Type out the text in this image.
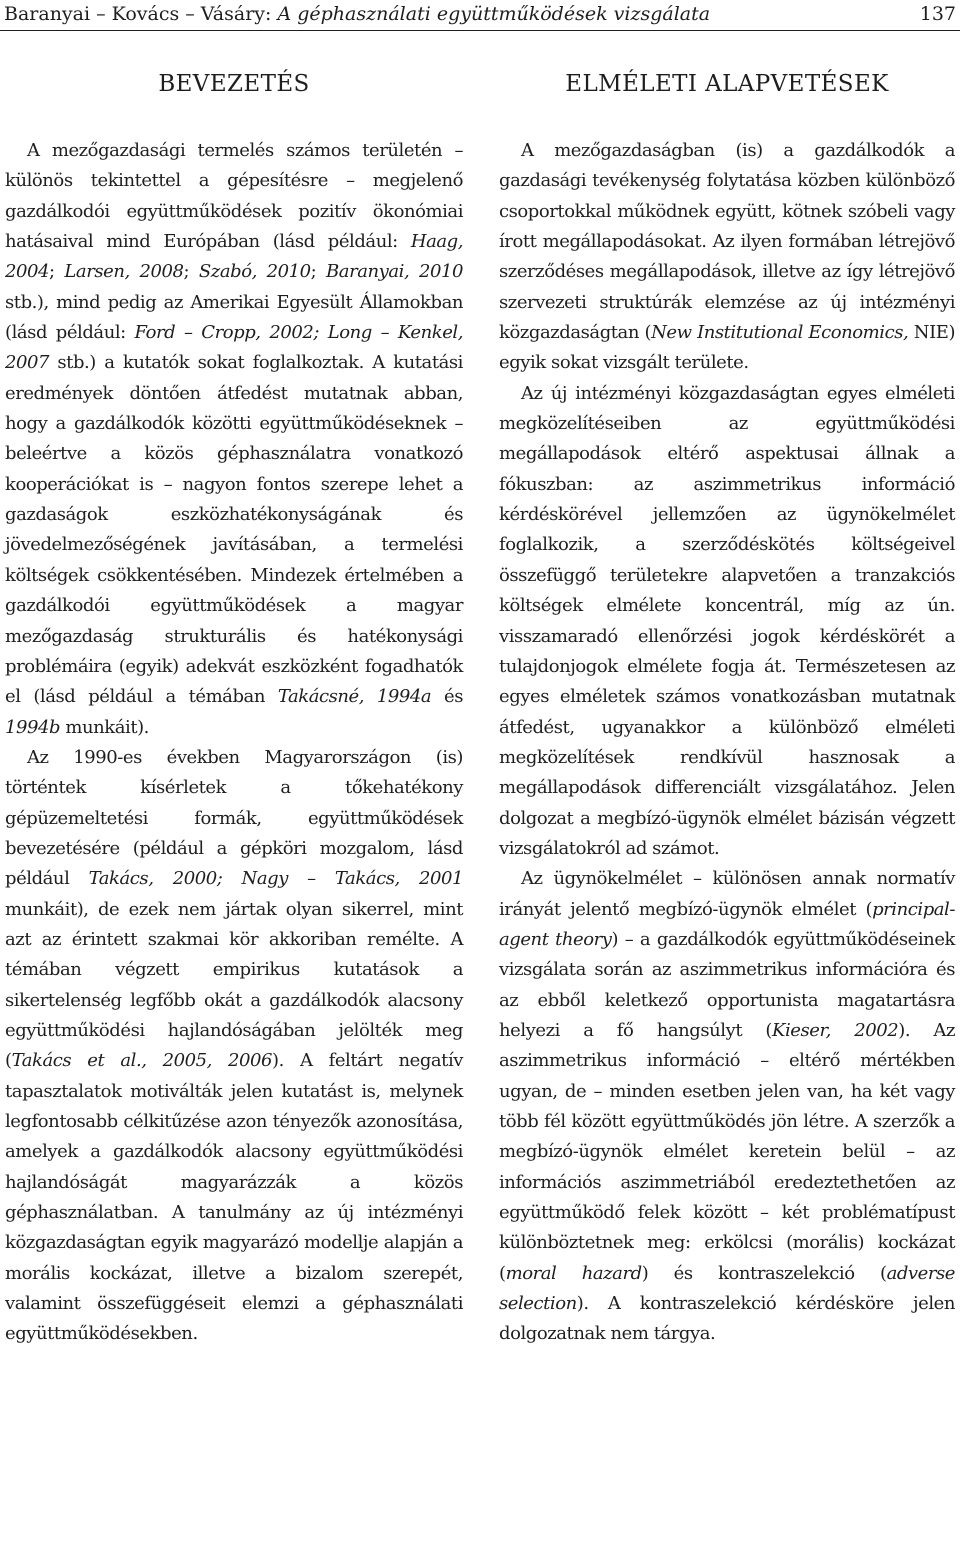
Baranyai – Kovács – Vásáry: A géphasználati együttműködések vizsgálata	137
BEVEZETÉS

A mezőgazdasági termelés számos területén – különös tekintettel a gépesítésre – megjelenő gazdálkodói együttműködések pozitív ökonómiai hatásaival mind Európában (lásd például: Haag, 2004; Larsen, 2008; Szabó, 2010; Baranyai, 2010 stb.), mind pedig az Amerikai Egyesült Államokban (lásd például: Ford – Cropp, 2002; Long – Kenkel, 2007 stb.) a kutatók sokat foglalkoztak. A kutatási eredmények döntően átfedést mutatnak abban, hogy a gazdálkodók közötti együttműködéseknek – beleértve a közös géphasználatra vonatkozó kooperációkat is – nagyon fontos szerepe lehet a gazdaságok eszközhatékonyságának és jövedelmezőségének javításában, a termelési költségek csökkentésében. Mindezek értelmében a gazdálkodói együttműködések a magyar mezőgazdaság strukturális és hatékonysági problémáira (egyik) adekvát eszközként fogadhatók el (lásd például a témában Takácsné, 1994a és 1994b munkáit).

Az 1990-es években Magyarországon (is) történtek kísérletek a tőkehatékony gépüzemeltetési formák, együttműködések bevezetésére (például a gépköri mozgalom, lásd például Takács, 2000; Nagy – Takács, 2001 munkáit), de ezek nem jártak olyan sikerrel, mint azt az érintett szakmai kör akkoriban remélte. A témában végzett empirikus kutatások a sikertelenség legfőbb okát a gazdálkodók alacsony együttműködési hajlandóságában jelölték meg (Takács et al., 2005, 2006). A feltárt negatív tapasztalatok motiválták jelen kutatást is, melynek legfontosabb célkitűzése azon tényezők azonosítása, amelyek a gazdálkodók alacsony együttműködési hajlandóságát magyarázzák a közös géphasználatban. A tanulmány az új intézményi közgazdaságtan egyik magyarázó modellje alapján a morális kockázat, illetve a bizalom szerepét, valamint összefüggéseit elemzi a géphasználati együttműködésekben.

ELMÉLETI ALAPVETÉSEK

A mezőgazdaságban (is) a gazdálkodók a gazdasági tevékenység folytatása közben különböző csoportokkal működnek együtt, kötnek szóbeli vagy írott megállapodásokat. Az ilyen formában létrejövő szerződéses megállapodások, illetve az így létrejövő szervezeti struktúrák elemzése az új intézményi közgazdaságtan (New Institutional Economics, NIE) egyik sokat vizsgált területe.

Az új intézményi közgazdaságtan egyes elméleti megközelítéseiben az együttműködési megállapodások eltérő aspektusai állnak a fókuszban: az aszimmetrikus információ kérdéskörével jellemzően az ügynökelmélet foglalkozik, a szerződéskötés költségeivel összefüggő területekre alapvetően a tranzakciós költségek elmélete koncentrál, míg az ún. visszamaradó ellenőrzési jogok kérdéskörét a tulajdonjogok elmélete fogja át. Természetesen az egyes elméletek számos vonatkozásban mutatnak átfedést, ugyanakkor a különböző elméleti megközelítések rendkívül hasznosak a megállapodások differenciált vizsgálatához. Jelen dolgozat a megbízó-ügynök elmélet bázisán végzett vizsgálatokról ad számot.

Az ügynökelmélet – különösen annak normatív irányát jelentő megbízó-ügynök elmélet (principal-agent theory) – a gazdálkodók együttműködéseinek vizsgálata során az aszimmetrikus információra és az ebből keletkező opportunista magatartásra helyezi a fő hangsúlyt (Kieser, 2002). Az aszimmetrikus információ – eltérő mértékben ugyan, de – minden esetben jelen van, ha két vagy több fél között együttműködés jön létre. A szerzők a megbízó-ügynök elmélet keretein belül – az információs aszimmetriából eredeztethetően az együttműködő felek között – két problématípust különböztetnek meg: erkölcsi (morális) kockázat (moral hazard) és kontraszelekció (adverse selection). A kontraszelekció kérdésköre jelen dolgozatnak nem tárgya.
